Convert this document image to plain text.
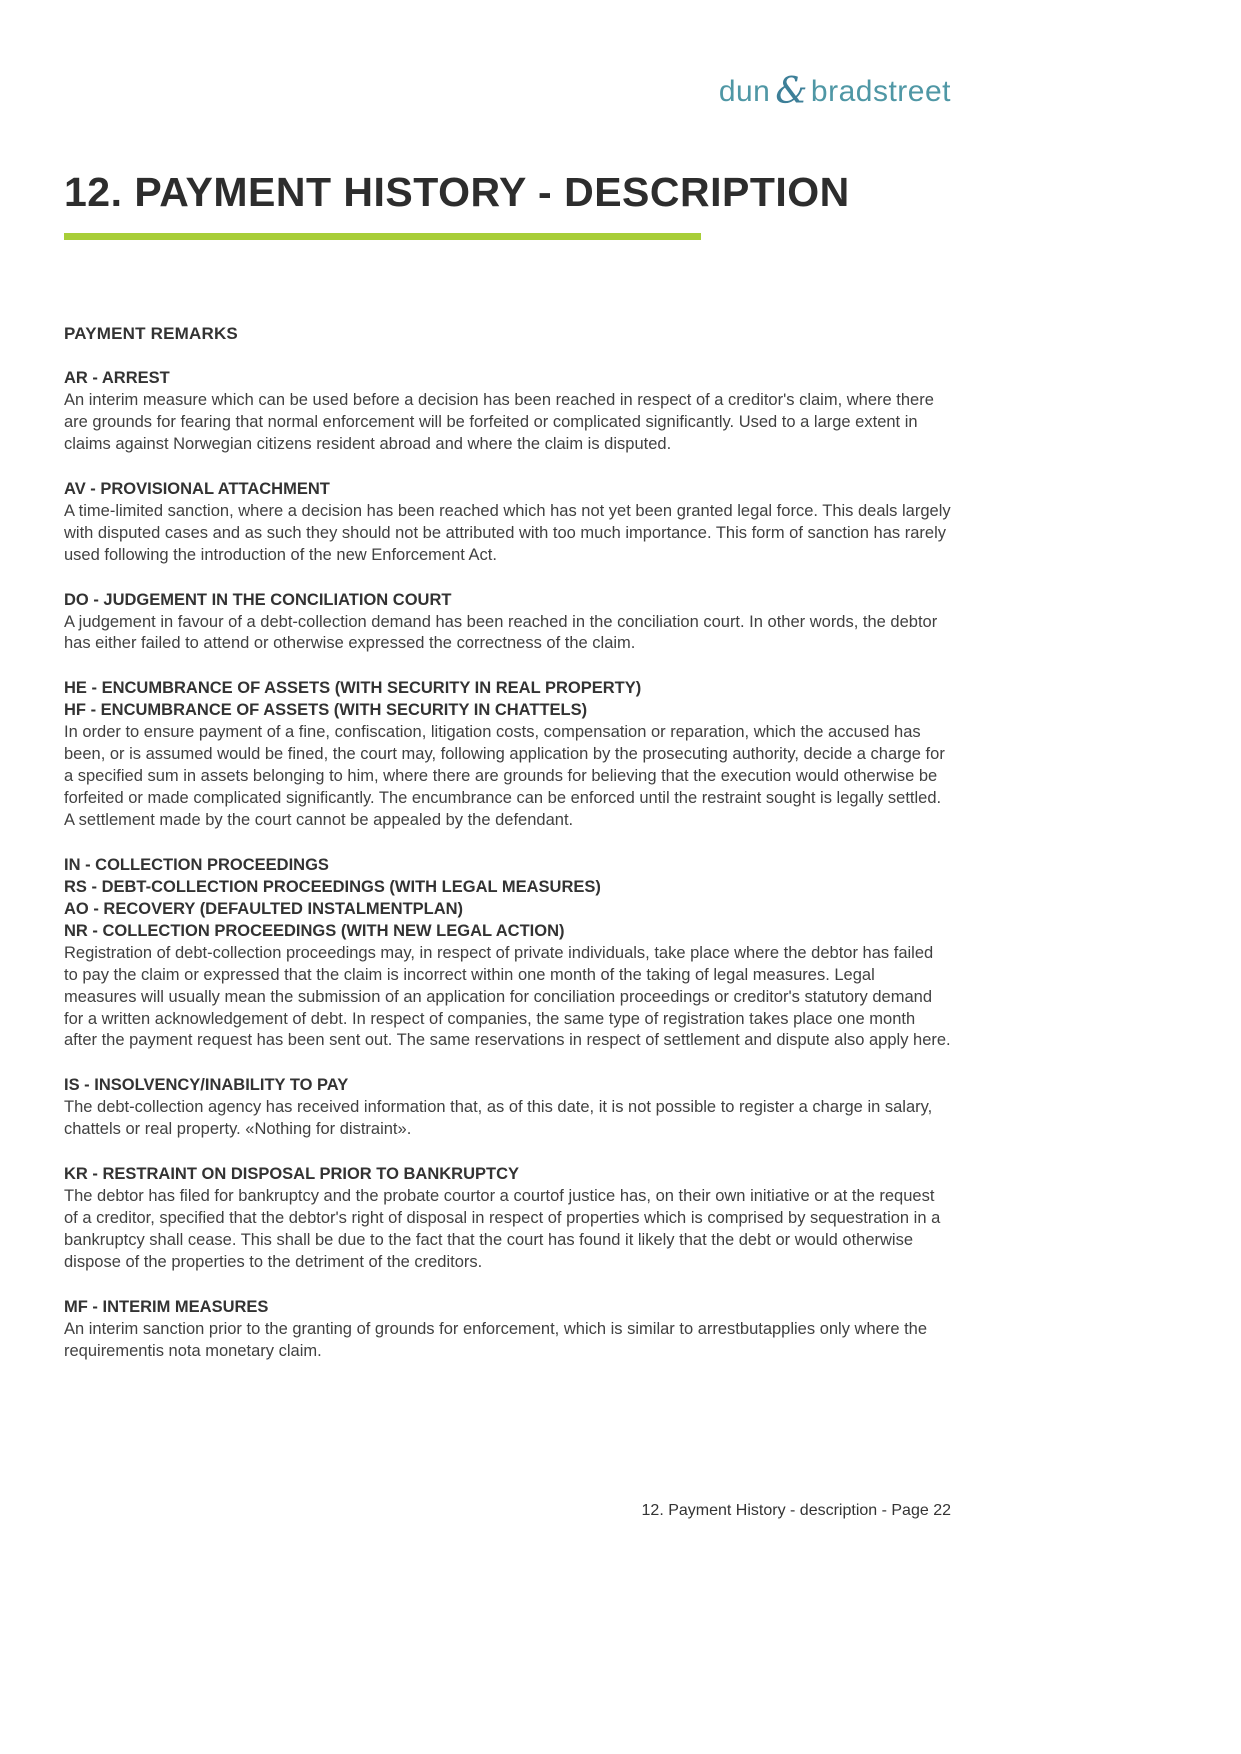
dun & bradstreet
12. PAYMENT HISTORY - DESCRIPTION
PAYMENT REMARKS
AR - ARREST

An interim measure which can be used before a decision has been reached in respect of a creditor's claim, where there are grounds for fearing that normal enforcement will be forfeited or complicated significantly. Used to a large extent in claims against Norwegian citizens resident abroad and where the claim is disputed.

AV - PROVISIONAL ATTACHMENT

A time-limited sanction, where a decision has been reached which has not yet been granted legal force. This deals largely with disputed cases and as such they should not be attributed with too much importance. This form of sanction has rarely used following the introduction of the new Enforcement Act.

DO - JUDGEMENT IN THE CONCILIATION COURT

A judgement in favour of a debt-collection demand has been reached in the conciliation court. In other words, the debtor has either failed to attend or otherwise expressed the correctness of the claim.

HE - ENCUMBRANCE OF ASSETS (WITH SECURITY IN REAL PROPERTY)
HF - ENCUMBRANCE OF ASSETS (WITH SECURITY IN CHATTELS)

In order to ensure payment of a fine, confiscation, litigation costs, compensation or reparation, which the accused has been, or is assumed would be fined, the court may, following application by the prosecuting authority, decide a charge for a specified sum in assets belonging to him, where there are grounds for believing that the execution would otherwise be forfeited or made complicated significantly. The encumbrance can be enforced until the restraint sought is legally settled. A settlement made by the court cannot be appealed by the defendant.

IN - COLLECTION PROCEEDINGS
RS - DEBT-COLLECTION PROCEEDINGS (WITH LEGAL MEASURES)
AO - RECOVERY (DEFAULTED INSTALMENTPLAN)
NR - COLLECTION PROCEEDINGS (WITH NEW LEGAL ACTION)

Registration of debt-collection proceedings may, in respect of private individuals, take place where the debtor has failed to pay the claim or expressed that the claim is incorrect within one month of the taking of legal measures. Legal measures will usually mean the submission of an application for conciliation proceedings or creditor's statutory demand for a written acknowledgement of debt. In respect of companies, the same type of registration takes place one month after the payment request has been sent out. The same reservations in respect of settlement and dispute also apply here.

IS - INSOLVENCY/INABILITY TO PAY

The debt-collection agency has received information that, as of this date, it is not possible to register a charge in salary, chattels or real property. «Nothing for distraint».

KR - RESTRAINT ON DISPOSAL PRIOR TO BANKRUPTCY

The debtor has filed for bankruptcy and the probate courtor a courtof justice has, on their own initiative or at the request of a creditor, specified that the debtor's right of disposal in respect of properties which is comprised by sequestration in a bankruptcy shall cease. This shall be due to the fact that the court has found it likely that the debt or would otherwise dispose of the properties to the detriment of the creditors.

MF - INTERIM MEASURES

An interim sanction prior to the granting of grounds for enforcement, which is similar to arrestbutapplies only where the requirementis nota monetary claim.

12. Payment History - description - Page 22
